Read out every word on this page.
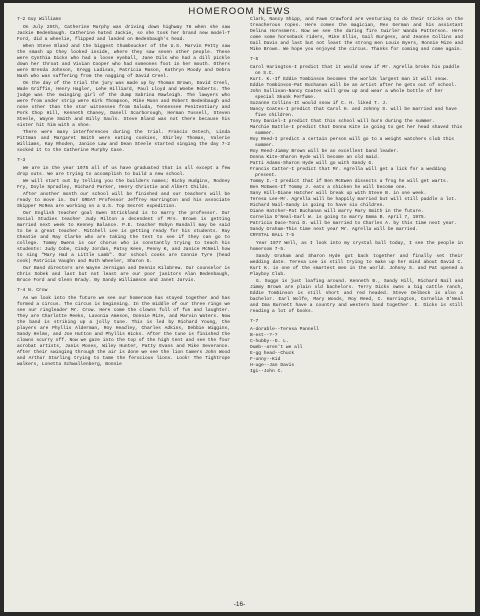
HOMEROOM NEWS
7-2 Guy Williams

On July 29th, Catherine Murphy was driving down highway 76 when she saw Jackie Bedenbaugh. Catherine hated Jackie, so she took her brand new model-T Ford, did a wheelie, flipped and landed on Bedenbaugh's head.

When Steve Bland and the biggest thumbsucker of the U.S. Marvin Petty saw the smash up they looked inside, where they saw seven other people. These were Cynthia Dicks who had a loose eyeball, Jane Dils who had a dill pickle down her throat and Vivian Cooper who had someones foot in her mouth. Others were Brenda Johnson, Gregg Ladisan, Patricia Mason, Kathryn Moody and Debra Nash who was suffering from the nagging of David Creel.

On the day of the trial the jury was made up by Thomas Brown, David Creel, Wade Griffin, Henry Hagler, Lehe Hilliard, Paul Lloyd and Woebe Roberts. The judge was the swinging girl of the dump Sabrina Rawleigh. The lawyers who were from under strip were Kirk Thompson, Mike Munn and Robert Bedenbaugh and none other than the star witnesses from Saluda, Tennessee Penitentiary and Pork Chop Hill, Kenneth Chaney, Danell Scarborough, Herman Tussell, Steven Steele, Wayne Smith and Billy Sauls. Steve Bland was not there because his sister hit him with a shoe.

There were many interferences during the trial. Francis Ostech, Linda Pittman and Margaret Smith were eating cookies, Shirley Thomas, Valerie Williams, Kay Rhoden, Janice Law and Dean Steele started singing the day 7-2 socked it to the Catherine Murphy Case.

7-3

We are in the year 1975 all of us have graduated that is all except a few drop outs. We are trying to accomplish to build a new school.

We will start out by telling you the builders names; Ricky Hudgins, Rodney Fry, Doyle Spradley, Richard Parker, Henry Christie and Albert Childs.

After another month our school will be finished and our teachers will be ready to move in. Our GREAT Professor Jeffrey Harrington and his associate Skipper McRea are working on a U.S. Top Secret expedition.

Our English teacher goal Gwen Strickland is to marry the professor. Our Social Studies teacher Judy Milton a decendent of Mrs. Brown is getting married next week to Kenney Balance. P.E. teacher Robyn Randall may be said to be a great teacher. Mitchell Lee is getting ready for his students. Ray Cheatie and Ray Clarke who are taking the test to see if they can go to college. Tommy Owens is our chorus who is constantly trying to teach his students: Judy Cobe, Cindy Jordan, Patsy Keen, Penny K, and Janice McNeil how to sing "Mary Had a Little Lamb". Our school cooks are Connie Tyre (head cook) Patricia Vaughn and Ruth Wheeler, Sharon G.

Our Band directors are Wayne Jernigan and Dennis Kilabrew. Our counselor is Chris Sobek and last but not least are our poor janitors Alan Bedenbaugh, Bruce Ford and Glenn Brady. By Sandy Williamson and Janet Jarvis.

7-4 N. Crow

As we look into the future we see our homeroom has stayed together and has formed a circus. The circus is beginning. In the middle of our three rings we see our ringleader Mr. Crow. Here come the clowns full of fun and laughter. They are Charlotte Meeks, Lavonia Ameson, Donnie Mize, and Marvin Waters. Now the band is striking up a jolly tune. This is led by Richard Young, the players are Phyllis Alderman, Roy Headley, Charles Adkins, Debbie Wiggins, Sandy Helms, and Joe Hutton and Phyllis Hicks. After the tune is finished the clowns scurry off. Now we gaze into the top of the high tent and see the four acrobat artists, Janis Moses, Wiley Hunter, Patty Evans and Mike Severance. After their swinging through the air is done we see the lion tamers John Wood and Arthur Starling trying to tame the ferocious lions. Look! The Tightrope walkers, Lonetta Schwallenberg, Bonnie

Clark, Nancy Shipp, and Fawn Crawford are venturing to do their tricks on the treacherous ropes. Here comes the magician, Rex German and his assistant Delina Hornsmers. Now we see the daring fire twirler Wanda Patterson. Here come some horseback riders, Mike Ellis, Gail Burgess, and Jeanne Collins and Gail Davis and last but not least the strong men Louis Byers, Ronnie Mize and Mike Brown. We hope you enjoyed the circus. Thanks for coming and come again.

7-5

Carol Harington-I predict that it would snow if Mr. Agrella broke his paddle on S.C.

Kurt. K.-If Eddie Tombinson becomes the worlds largest man it will snow.

Eddie Tombinson-Pat Buchanan will be an artist after he gets out of school.

John Sullivan-Nancy Coates will grow up and wear a whole bottle of her special Skunk Perfume.

Suzanne Collins-It would snow if C. H. liked T. J.

Nancy Coates-I predict that Carol H. and Johnny S. will be married and have five children.

Tony Daniel-I predict that this school will burn during the summer.

Marchie Battle-I predict that Donna Kite is going to get her head shaved this summer.

Roy Reed-I predict a certain person will go to a weight watchers club this summer.

Roy Reed-Jimmy Brown will be an excellent band leader.

Donna Kite-Sharon Hyde will become an old maid.

Patti Adams-Sharon Hyde will go with Sandy G.

Francis Catter-I predict that Mr. Agrella will get a lick for a wedding present.

Tommy I.-I predict that if Ben McEwen dissects a frog he will get warts.

Ben McEwen-If Tommy J. eats a chicken he will become one.

Sany Hill-Diane Hatcher will break up with Steve B. in one week.

Teresa Lee-Mr. Agrella will be happily married but will still paddle a lot.

Richard Nail-Sandy is going to have six children.

Diane Hatcher-Pat Buchanan will marry Mary Smith in the future.

Cornelia O'Neal-Earl W. is going to marry Emma B. April 7, 1975.

Patricia Dace-Toni D. will be married to Charles A. by this time next year.

Sandy Graham-This time next year Mr. Agrella will be married.

CRYSTAL BALL 7-5

Year 1977 Well, as I look into my crystal ball today, I see the people in homeroom 7-5.

Sandy Graham and Sharon Hyde got back together and finally set their wedding date. Teresa Lee is still trying to make up her mind about David C. Kurt K. is one of the smartest men in the world. Johnny S. and Pat opened a Playboy Club.

G. Suggs is just loafing around. Kenneth B., Sandy Hill, Richard Nail and Jimmy Brown are plain old bachelors. Terry Dicks owns a big cattle ranch, Eddie Tombinson is still short and red headed. Steve Delbeck is also a bachelor. Earl Wolfe, Mary Woods, Roy Reed, C. Harrington, Cornelia O'Neal and Ima Burnett have a country and western band together. E. Dicks is still reading a lot of books.

7-7

A-dorable--Teresa Pannell

B-est--?-?

C-hubby--D. L.

Dumb--aren't we all

E-gg head--Chuck

F-unny--Kid

H-uge--Jan Davis

Igi--John C.

-16-
